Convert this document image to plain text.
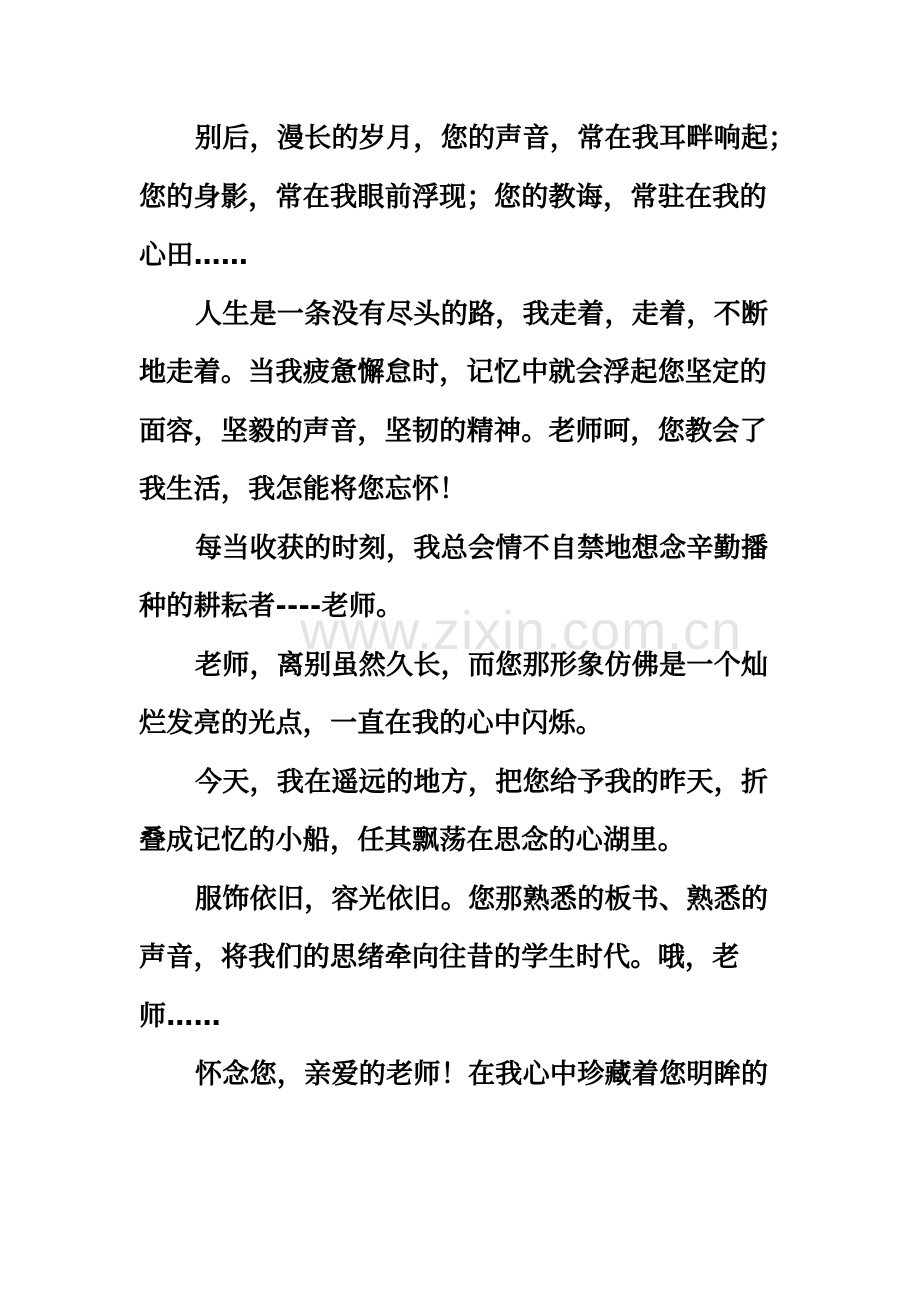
www.zixin.com.cn
别后，漫长的岁月，您的声音，常在我耳畔响起；
您的身影，常在我眼前浮现；您的教诲，常驻在我的
心田……
人生是一条没有尽头的路，我走着，走着，不断
地走着。当我疲惫懈怠时，记忆中就会浮起您坚定的
面容，坚毅的声音，坚韧的精神。老师呵，您教会了
我生活，我怎能将您忘怀！
每当收获的时刻，我总会情不自禁地想念辛勤播
种的耕耘者----老师。
老师，离别虽然久长，而您那形象仿佛是一个灿
烂发亮的光点，一直在我的心中闪烁。
今天，我在遥远的地方，把您给予我的昨天，折
叠成记忆的小船，任其飘荡在思念的心湖里。
服饰依旧，容光依旧。您那熟悉的板书、熟悉的
声音，将我们的思绪牵向往昔的学生时代。哦，老
师……
怀念您，亲爱的老师！在我心中珍藏着您明眸的
